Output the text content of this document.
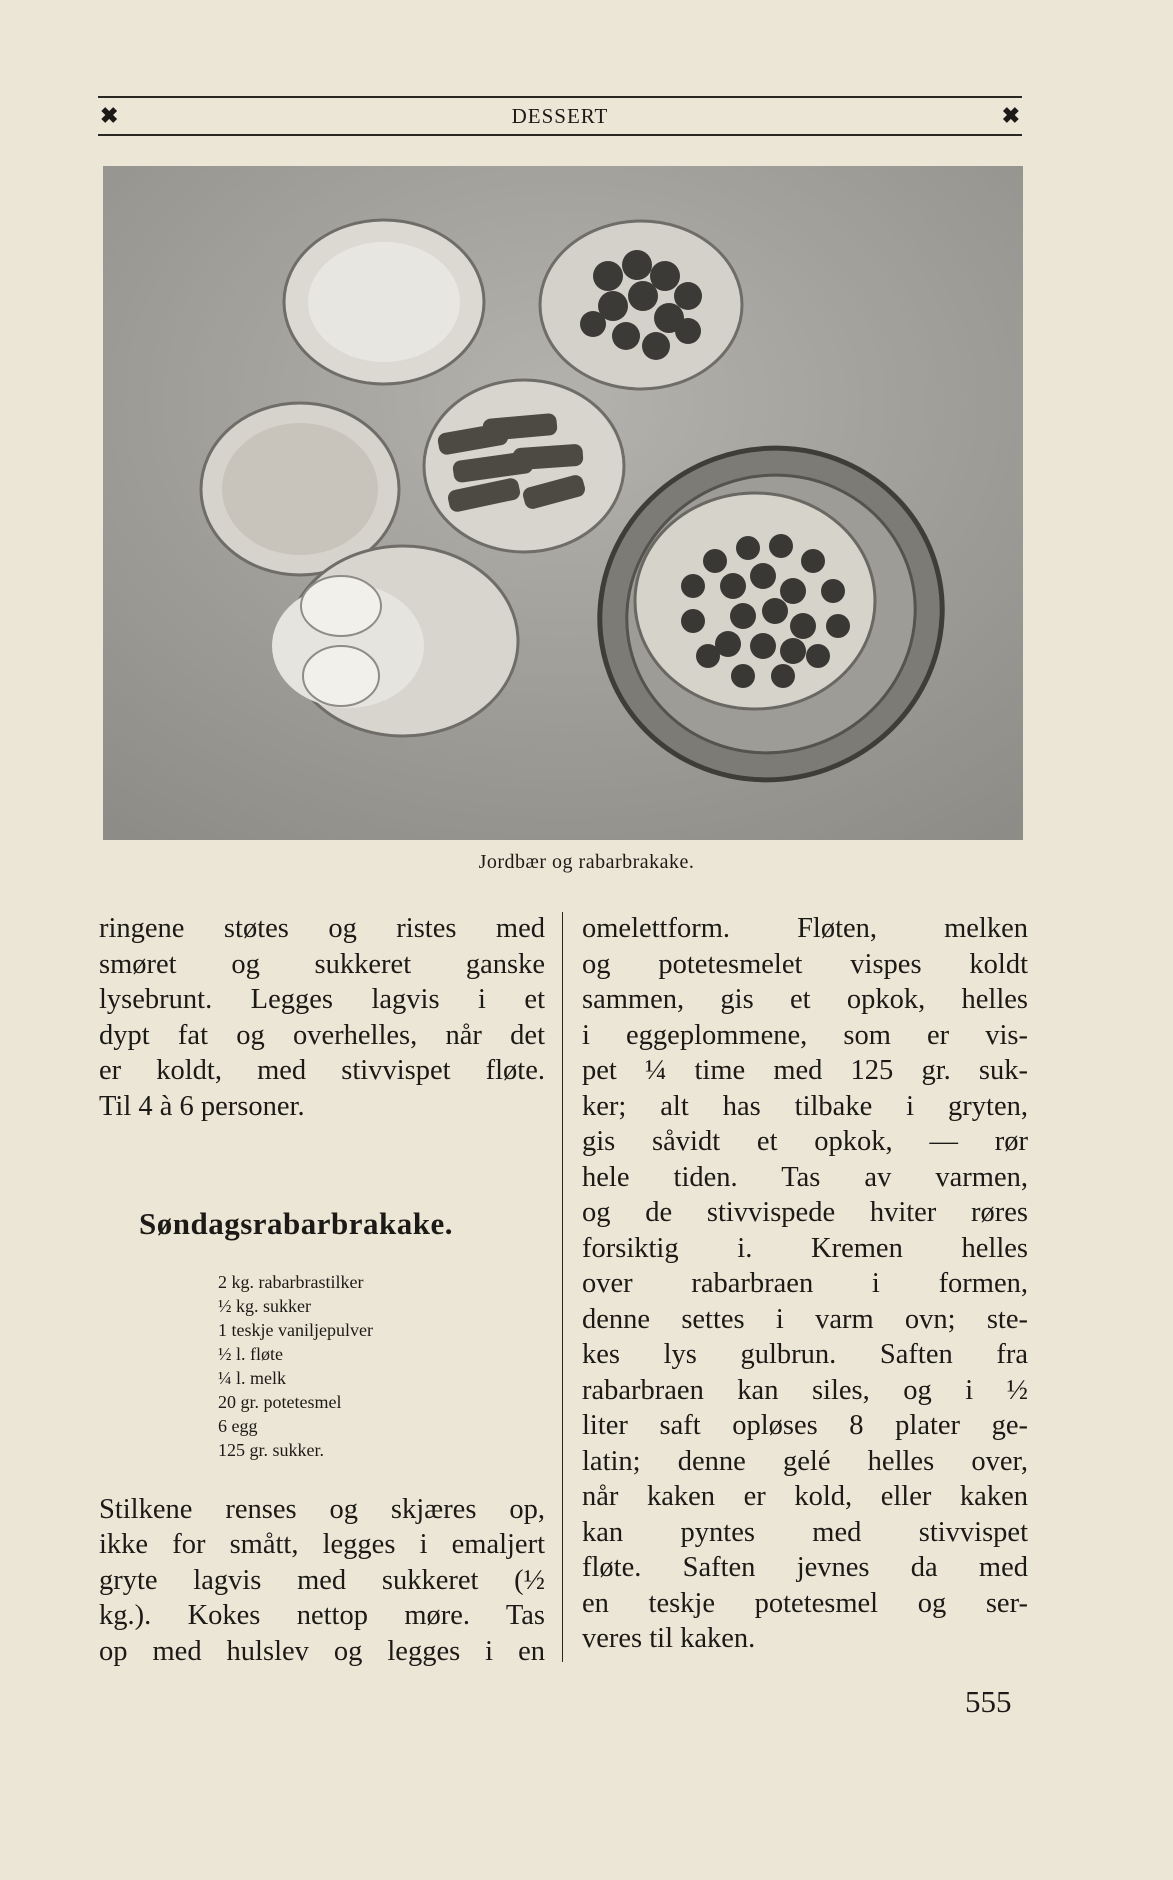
✖	DESSERT	✖
Jordbær og rabarbrakake.

ringene støtes og ristes med

smøret og sukkeret ganske

lysebrunt. Legges lagvis i et

dypt fat og overhelles, når det

er koldt, med stivvispet fløte.

Til 4 à 6 personer.

Søndagsrabarbrakake.
2 kg. rabarbrastilker
½ kg. sukker
1 teskje vaniljepulver
½ l. fløte
¼ l. melk
20 gr. potetesmel
6 egg
125 gr. sukker.

Stilkene renses og skjæres op,

ikke for smått, legges i emaljert

gryte lagvis med sukkeret (½

kg.). Kokes nettop møre. Tas

op med hulslev og legges i en

omelettform. Fløten, melken

og potetesmelet vispes koldt

sammen, gis et opkok, helles

i eggeplommene, som er vis-

pet ¼ time med 125 gr. suk-

ker; alt has tilbake i gryten,

gis såvidt et opkok, — rør

hele tiden. Tas av varmen,

og de stivvispede hviter røres

forsiktig i. Kremen helles

over rabarbraen i formen,

denne settes i varm ovn; ste-

kes lys gulbrun. Saften fra

rabarbraen kan siles, og i ½

liter saft opløses 8 plater ge-

latin; denne gelé helles over,

når kaken er kold, eller kaken

kan pyntes med stivvispet

fløte. Saften jevnes da med

en teskje potetesmel og ser-

veres til kaken.

555
